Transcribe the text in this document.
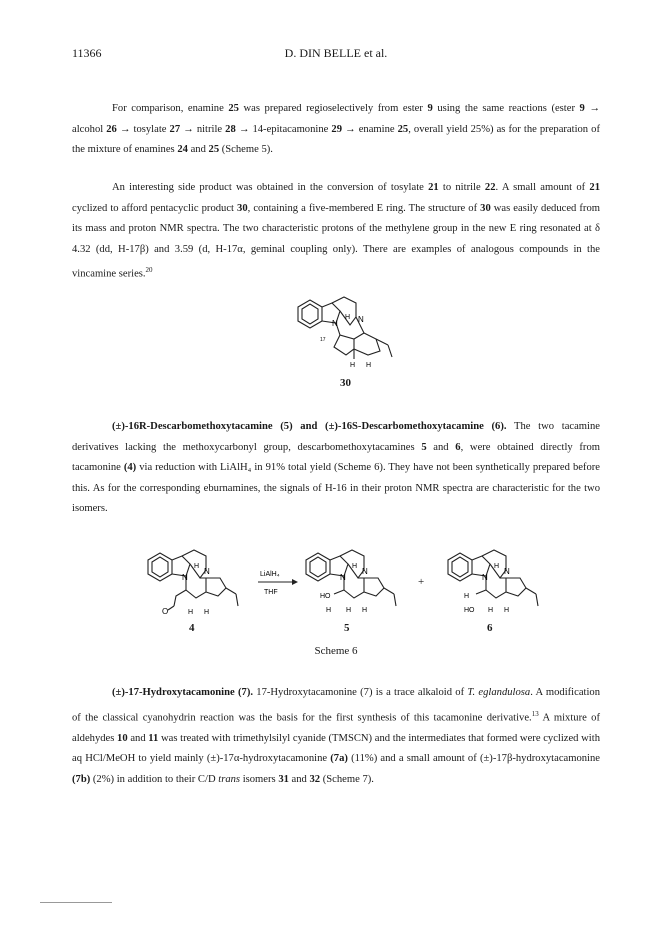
11366	D. DIN BELLE et al.

For comparison, enamine 25 was prepared regioselectively from ester 9 using the same reactions (ester 9 → alcohol 26 → tosylate 27 → nitrile 28 → 14-epitacamonine 29 → enamine 25, overall yield 25%) as for the preparation of the mixture of enamines 24 and 25 (Scheme 5).

An interesting side product was obtained in the conversion of tosylate 21 to nitrile 22. A small amount of 21 cyclized to afford pentacyclic product 30, containing a five-membered E ring. The structure of 30 was easily deduced from its mass and proton NMR spectra. The two characteristic protons of the methylene group in the new E ring resonated at δ 4.32 (dd, H-17β) and 3.59 (d, H-17α, geminal coupling only). There are examples of analogous compounds in the vincamine series.$^{20}$

N	N
H
17
H H
30

(±)-16R-Descarbomethoxytacamine (5) and (±)-16S-Descarbomethoxytacamine (6). The two tacamine derivatives lacking the methoxycarbonyl group, descarbomethoxytacamines 5 and 6, were obtained directly from tacamonine (4) via reduction with LiAlH₄ in 91% total yield (Scheme 6). They have not been synthetically prepared before this. As for the corresponding eburnamines, the signals of H-16 in their proton NMR spectra are characteristic for the two isomers.

N
N
H
O	H H
LiAlH₄
THF
N
N
H
HO
H H H
+	N
N
H
H
HO H H
4	5	6
Scheme 6

(±)-17-Hydroxytacamonine (7). 17-Hydroxytacamonine (7) is a trace alkaloid of T. eglandulosa. A modification of the classical cyanohydrin reaction was the basis for the first synthesis of this tacamonine derivative.$^{13}$ A mixture of aldehydes 10 and 11 was treated with trimethylsilyl cyanide (TMSCN) and the intermediates that formed were cyclized with aq HCl/MeOH to yield mainly (±)-17α-hydroxytacamonine (7a) (11%) and a small amount of (±)-17β-hydroxytacamonine (7b) (2%) in addition to their C/D trans isomers 31 and 32 (Scheme 7).
